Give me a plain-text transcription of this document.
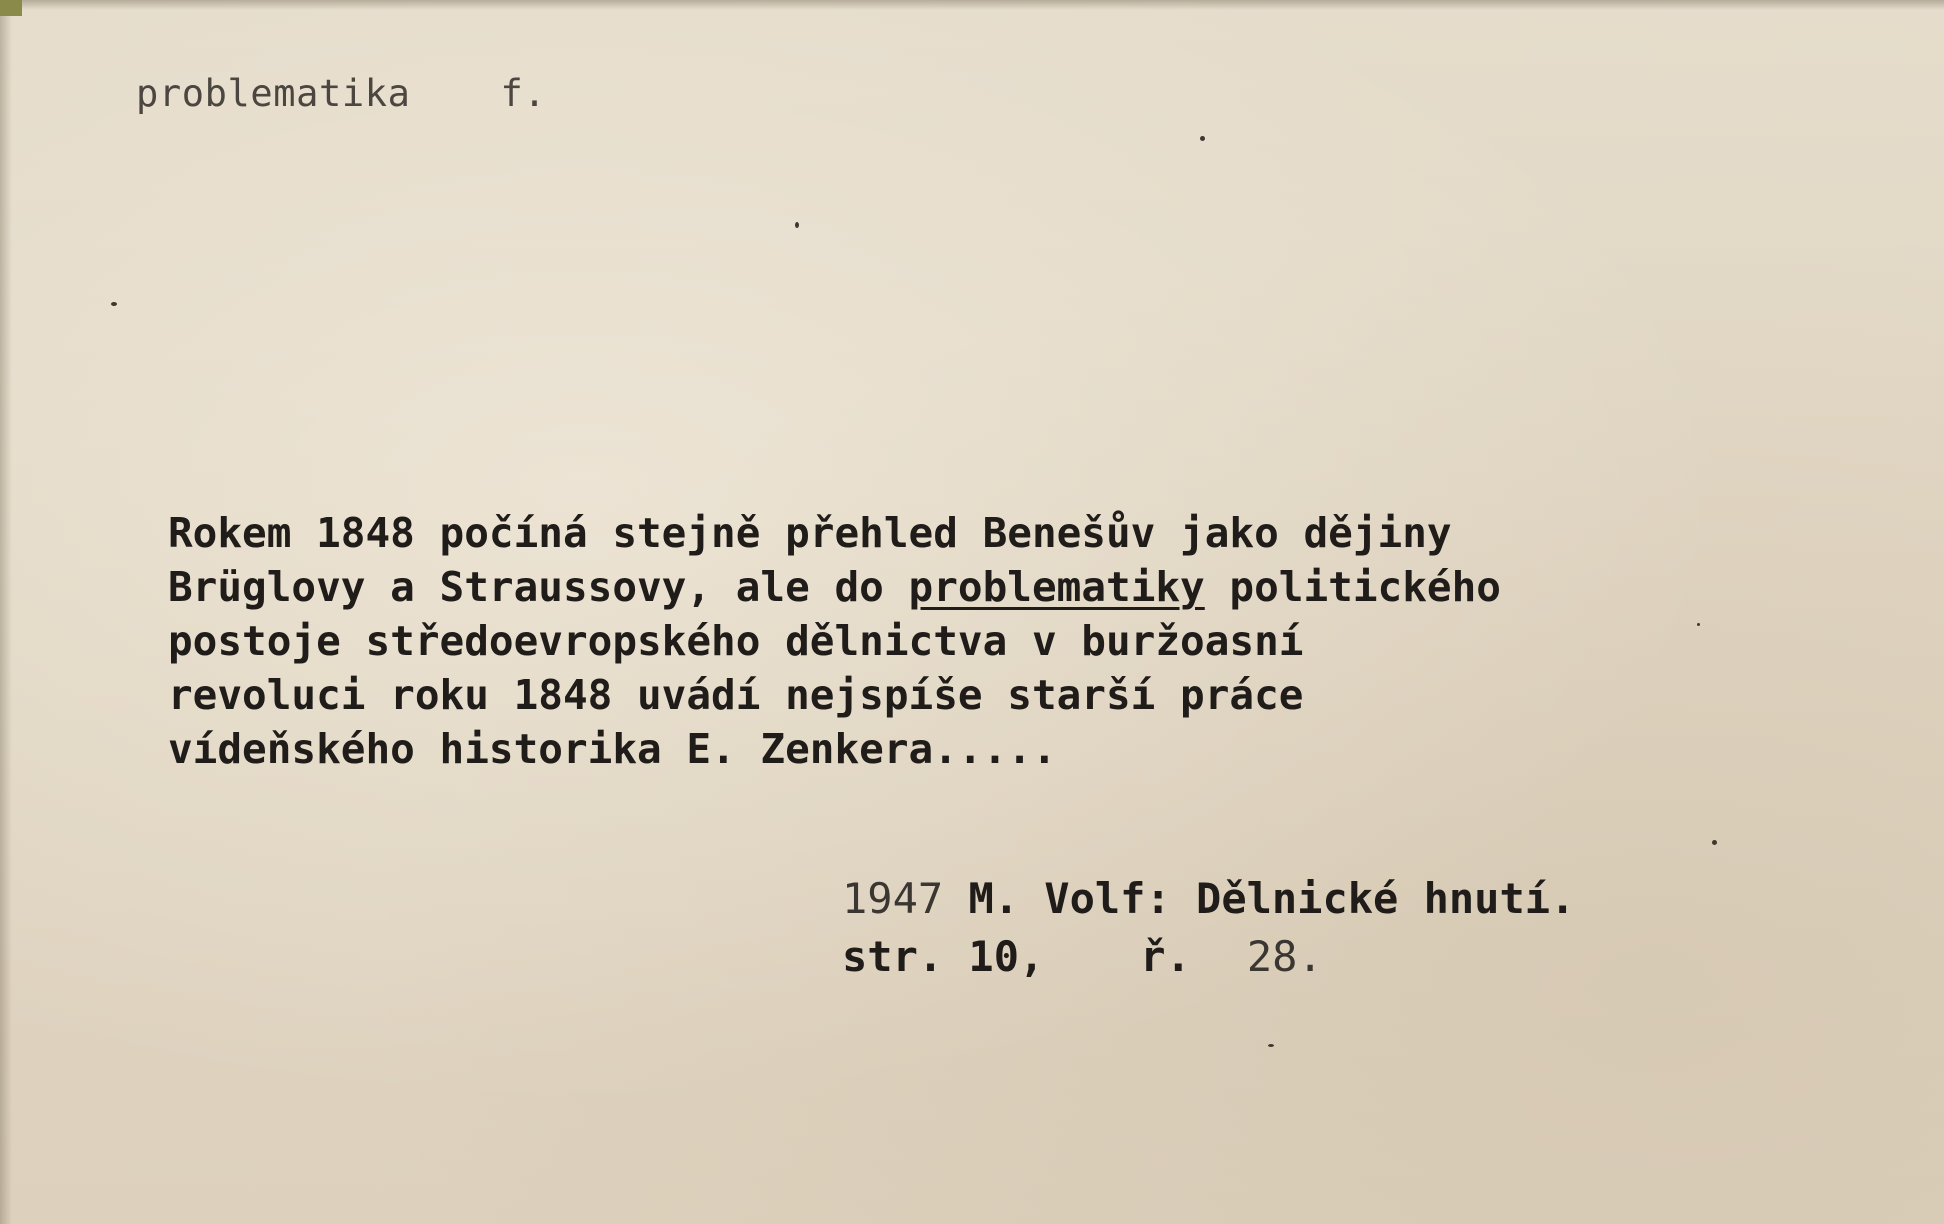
problematika f.

Rokem 1848 počíná stejně přehled Benešův jako dějiny
Brüglovy a Straussovy, ale do problematiky politického
postoje středoevropského dělnictva v buržoasní
revoluci roku 1848 uvádí nejspíše starší práce
vídeňského historika E. Zenkera.....

1947 M. Volf: Dělnické hnutí.
str. 10, ř. 28.
